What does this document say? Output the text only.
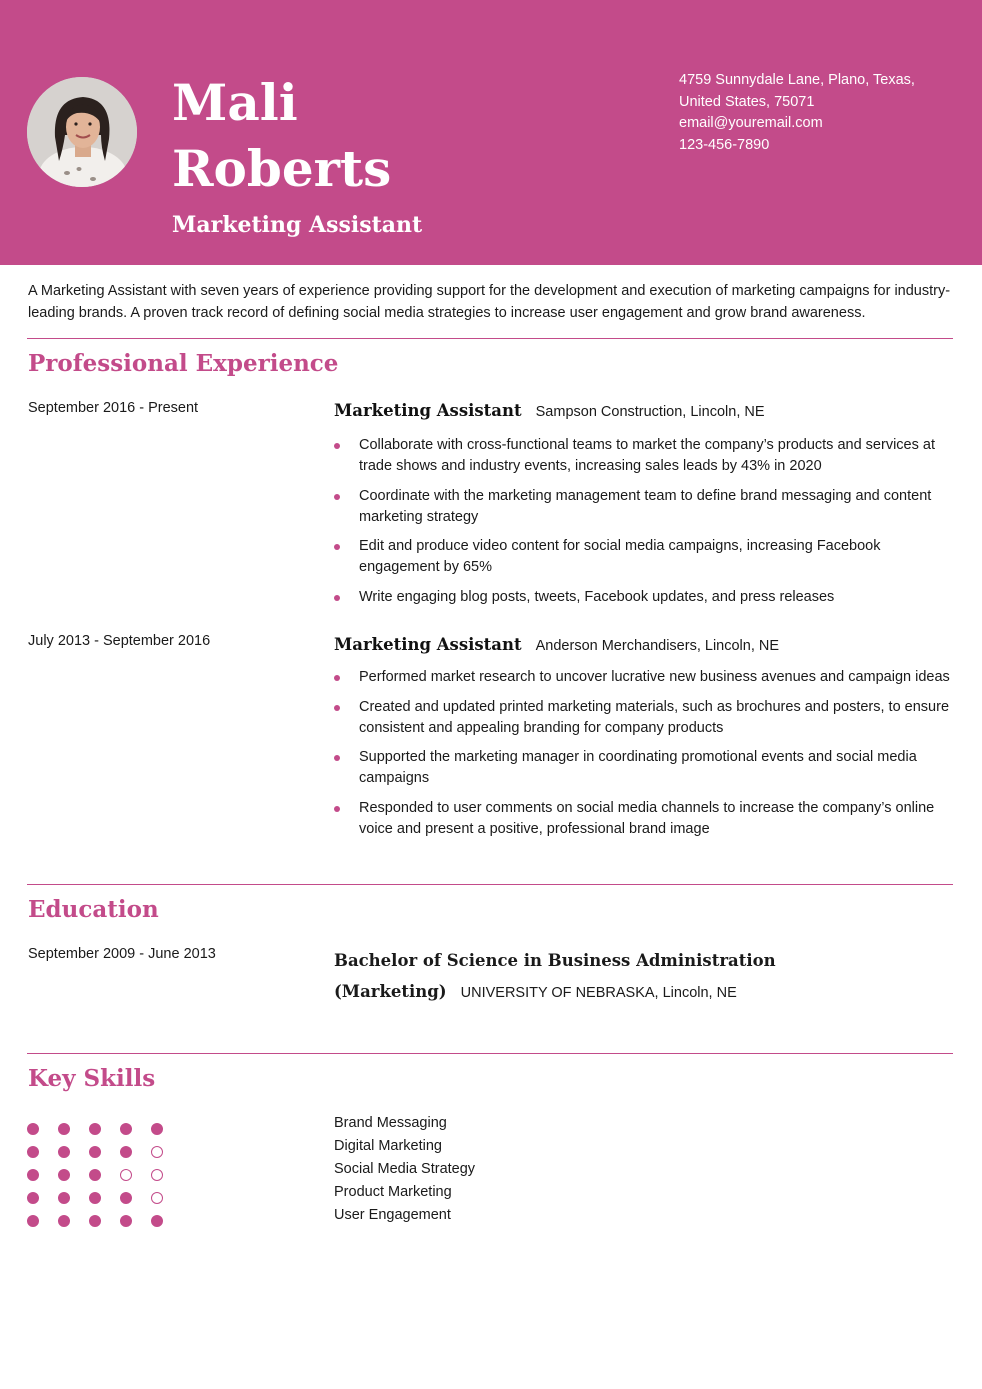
Mali
Roberts
Marketing Assistant
4759 Sunnydale Lane, Plano, Texas,
United States, 75071
email@youremail.com
123-456-7890
A Marketing Assistant with seven years of experience providing support for the development and execution of marketing campaigns for industry-leading brands. A proven track record of defining social media strategies to increase user engagement and grow brand awareness.
Professional Experience
September 2016 - Present	Marketing Assistant Sampson Construction, Lincoln, NE
Collaborate with cross-functional teams to market the company’s products and services at trade shows and industry events, increasing sales leads by 43% in 2020
Coordinate with the marketing management team to define brand messaging and content marketing strategy
Edit and produce video content for social media campaigns, increasing Facebook engagement by 65%
Write engaging blog posts, tweets, Facebook updates, and press releases
July 2013 - September 2016	Marketing Assistant Anderson Merchandisers, Lincoln, NE
Performed market research to uncover lucrative new business avenues and campaign ideas
Created and updated printed marketing materials, such as brochures and posters, to ensure consistent and appealing branding for company products
Supported the marketing manager in coordinating promotional events and social media campaigns
Responded to user comments on social media channels to increase the company’s online voice and present a positive, professional brand image
Education
September 2009 - June 2013	Bachelor of Science in Business Administration (Marketing) UNIVERSITY OF NEBRASKA, Lincoln, NE
Key Skills
Brand Messaging
Digital Marketing
Social Media Strategy
Product Marketing
User Engagement
